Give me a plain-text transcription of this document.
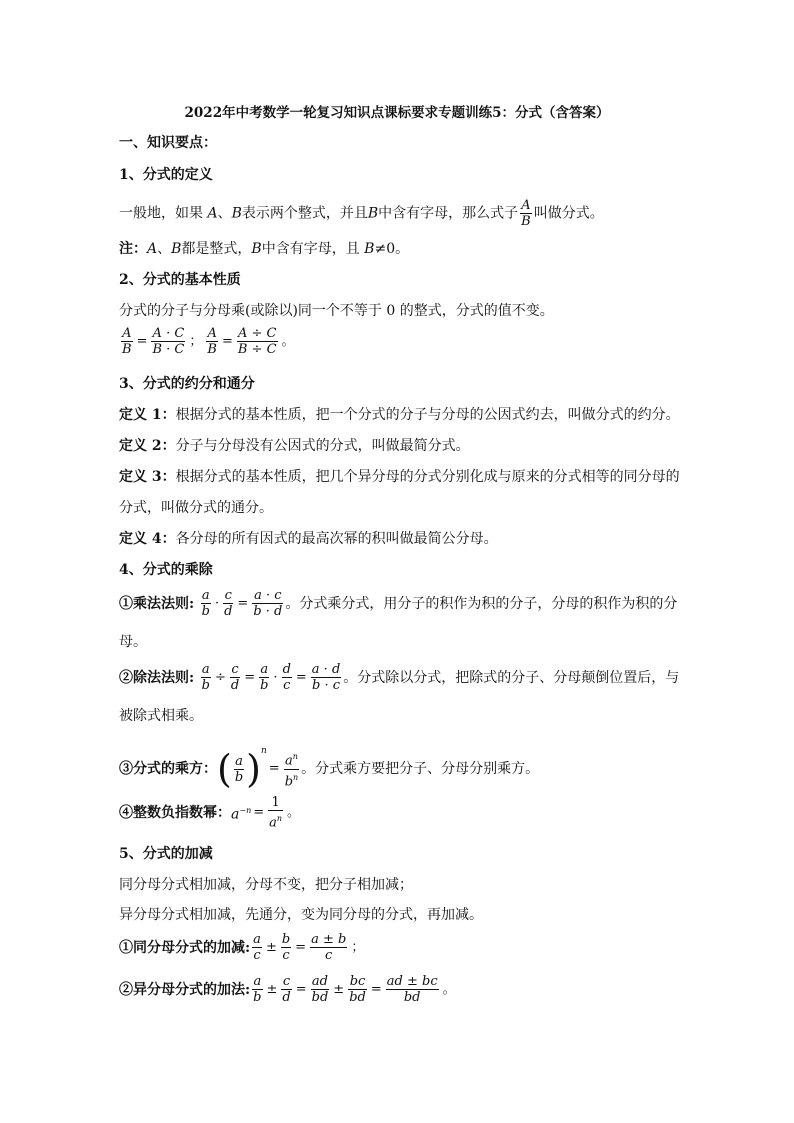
2022年中考数学一轮复习知识点课标要求专题训练5：分式（含答案）
一、知识要点：
1、分式的定义
一般地，如果 A、B表示两个整式，并且B中含有字母，那么式子 $\frac{A}{B}$ 叫做分式。
注：A、B都是整式，B中含有字母，且 B≠0。
2、分式的基本性质
分式的分子与分母乘(或除以)同一个不等于 0 的整式，分式的值不变。
$\frac{A}{B} = \frac{A \cdot C}{B \cdot C}$ ； $\frac{A}{B} = \frac{A \div C}{B \div C}$ 。
3、分式的约分和通分
定义 1：根据分式的基本性质，把一个分式的分子与分母的公因式约去，叫做分式的约分。
定义 2：分子与分母没有公因式的分式，叫做最简分式。
定义 3：根据分式的基本性质，把几个异分母的分式分别化成与原来的分式相等的同分母的
分式，叫做分式的通分。
定义 4：各分母的所有因式的最高次幂的积叫做最简公分母。
4、分式的乘除
①乘法法则: $\frac{a}{b} \cdot \frac{c}{d} = \frac{a \cdot c}{b \cdot d}$ 。分式乘分式，用分子的积作为积的分子，分母的积作为积的分
母。
②除法法则: $\frac{a}{b} \div \frac{c}{d} = \frac{a}{b} \cdot \frac{d}{c} = \frac{a \cdot d}{b \cdot c}$ 。分式除以分式，把除式的分子、分母颠倒位置后，与
被除式相乘。
③分式的乘方：( $\frac{a}{b} )^n= \frac{a^n}{b^n}$ 。分式乘方要把分子、分母分别乘方。
④整数负指数幂：$a^{-n} = \frac{1}{a^n}$ 。
5、分式的加减
同分母分式相加减，分母不变，把分子相加减；
异分母分式相加减，先通分，变为同分母的分式，再加减。
①同分母分式的加减: $\frac{a}{c} \pm \frac{b}{c} = \frac{a \pm b}{c}$ ；
②异分母分式的加法: $\frac{a}{b} \pm \frac{c}{d} = \frac{ad}{bd} \pm \frac{bc}{bd} = \frac{ad \pm bc}{bd}$ 。
